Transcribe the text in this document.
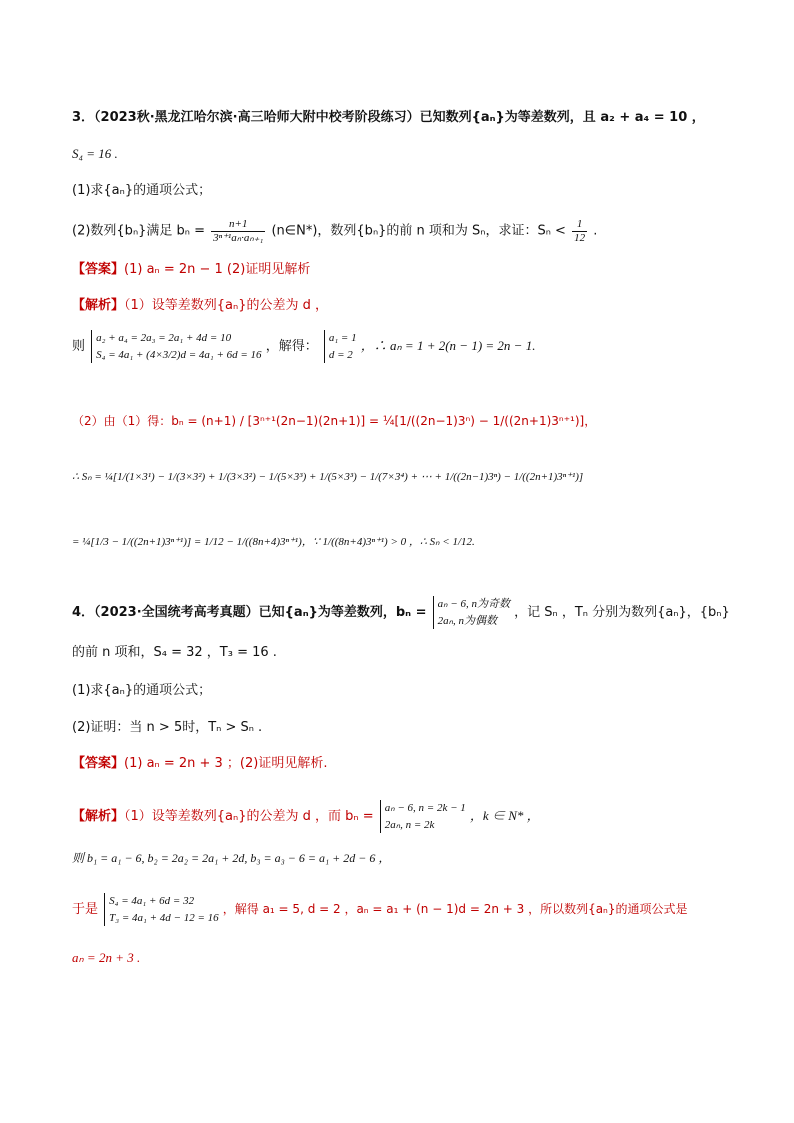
3．（2023秋·黑龙江哈尔滨·高三哈师大附中校考阶段练习）已知数列{aₙ}为等差数列，且 a₂ + a₄ = 10 ，
S₄ = 16 .
(1)求{aₙ}的通项公式；
(2)数列{bₙ}满足 $b_n = \frac{n+1}{\text{3ⁿ⁺¹aₙ·aₙ₊₁}}$ (n∈N*)，数列{bₙ}的前 n 项和为 Sₙ，求证：$S_n < \frac{1}{12}$ .
【答案】(1) aₙ = 2n − 1 (2)证明见解析
【解析】（1）设等差数列{aₙ}的公差为 d ，
则
a₂ + a₄ = 2a₃ = 2a₁ + 4d = 10
S₄ = 4a₁ + (4×3/2)d = 4a₁ + 6d = 16
，解得：
a₁ = 1
d = 2
，∴ aₙ = 1 + 2(n − 1) = 2n − 1.
（2）由（1）得：bₙ = (n+1) / [3ⁿ⁺¹(2n−1)(2n+1)] = ¼[1/((2n−1)3ⁿ) − 1/((2n+1)3ⁿ⁺¹)]，
∴ Sₙ = ¼[1/(1×3¹) − 1/(3×3²) + 1/(3×3²) − 1/(5×3³) + 1/(5×3³) − 1/(7×3⁴) + ⋯ + 1/((2n−1)3ⁿ) − 1/((2n+1)3ⁿ⁺¹)]
= ¼[1/3 − 1/((2n+1)3ⁿ⁺¹)] = 1/12 − 1/((8n+4)3ⁿ⁺¹)，∵ 1/((8n+4)3ⁿ⁺¹) > 0 ，∴ Sₙ < 1/12.
4．（2023·全国统考高考真题）已知{aₙ}为等差数列，bₙ =
aₙ − 6, n为奇数
2aₙ, n为偶数
，记 Sₙ ，Tₙ 分别为数列{aₙ}，{bₙ}
的前 n 项和，S₄ = 32 ，T₃ = 16 .
(1)求{aₙ}的通项公式；
(2)证明：当 n > 5时，Tₙ > Sₙ .
【答案】(1) aₙ = 2n + 3 ；(2)证明见解析.
【解析】（1）设等差数列{aₙ}的公差为 d ，而 bₙ =
aₙ − 6, n = 2k − 1
2aₙ, n = 2k
，k ∈ N* ，
则 b₁ = a₁ − 6, b₂ = 2a₂ = 2a₁ + 2d, b₃ = a₃ − 6 = a₁ + 2d − 6 ，
于是
S₄ = 4a₁ + 6d = 32
T₃ = 4a₁ + 4d − 12 = 16
，解得 a₁ = 5, d = 2 ，aₙ = a₁ + (n − 1)d = 2n + 3 ，所以数列{aₙ}的通项公式是
aₙ = 2n + 3 .
